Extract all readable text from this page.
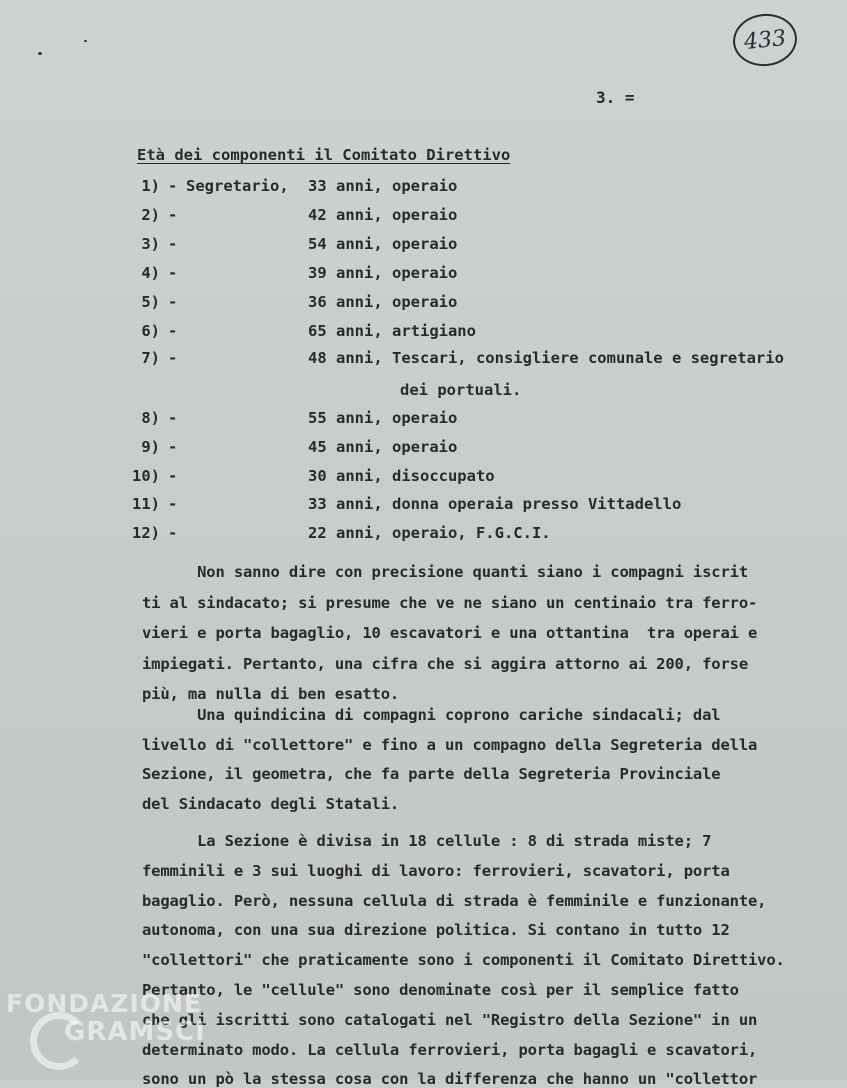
433
3. =
Età dei componenti il Comitato Direttivo
1) - Segretario, 33 anni, operaio
2) -	42 anni, operaio
3) -	54 anni, operaio
4) -	39 anni, operaio
5) -	36 anni, operaio
6) -	65 anni, artigiano
7) -	48 anni, Tescari, consigliere comunale e segretario
dei portuali.
8) -	55 anni, operaio
9) -	45 anni, operaio
10) -	30 anni, disoccupato
11) -	33 anni, donna operaia presso Vittadello
12) -	22 anni, operaio, F.G.C.I.
Non sanno dire con precisione quanti siano i compagni iscrit
ti al sindacato; si presume che ve ne siano un centinaio tra ferro-
vieri e porta bagaglio, 10 escavatori e una ottantina  tra operai e
impiegati. Pertanto, una cifra che si aggira attorno ai 200, forse
più, ma nulla di ben esatto.
Una quindicina di compagni coprono cariche sindacali; dal
livello di "collettore" e fino a un compagno della Segreteria della
Sezione, il geometra, che fa parte della Segreteria Provinciale
del Sindacato degli Statali.
La Sezione è divisa in 18 cellule : 8 di strada miste; 7
femminili e 3 sui luoghi di lavoro: ferrovieri, scavatori, porta
bagaglio. Però, nessuna cellula di strada è femminile e funzionante,
autonoma, con una sua direzione politica. Si contano in tutto 12
"collettori" che praticamente sono i componenti il Comitato Direttivo.
Pertanto, le "cellule" sono denominate così per il semplice fatto
che gli iscritti sono catalogati nel "Registro della Sezione" in un
determinato modo. La cellula ferrovieri, porta bagagli e scavatori,
sono un pò la stessa cosa con la differenza che hanno un "collettor
FONDAZIONE
GRAMSCI
